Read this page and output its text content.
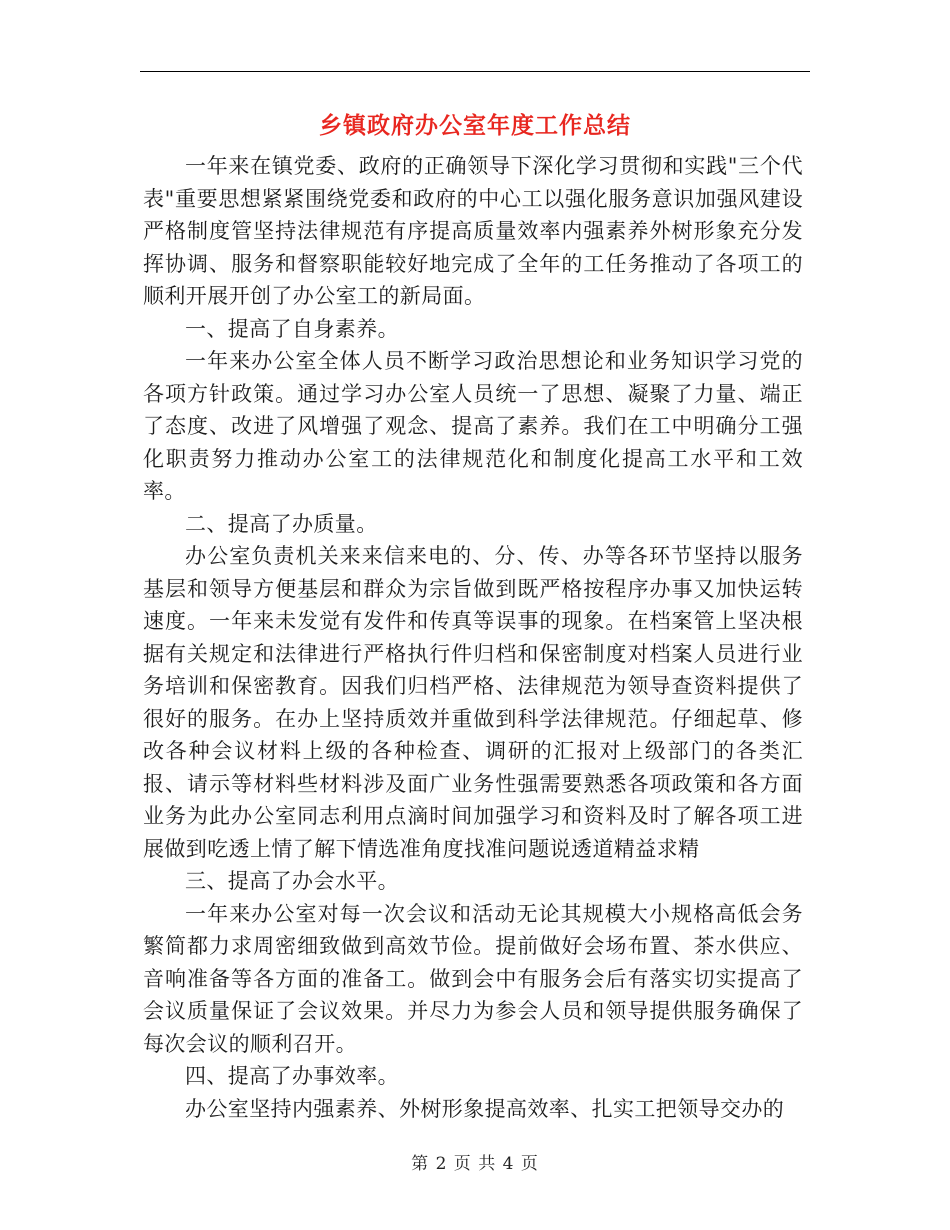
乡镇政府办公室年度工作总结

一年来在镇党委、政府的正确领导下深化学习贯彻和实践"三个代表"重要思想紧紧围绕党委和政府的中心工以强化服务意识加强风建设严格制度管坚持法律规范有序提高质量效率内强素养外树形象充分发挥协调、服务和督察职能较好地完成了全年的工任务推动了各项工的顺利开展开创了办公室工的新局面。

一、提高了自身素养。

一年来办公室全体人员不断学习政治思想论和业务知识学习党的各项方针政策。通过学习办公室人员统一了思想、凝聚了力量、端正了态度、改进了风增强了观念、提高了素养。我们在工中明确分工强化职责努力推动办公室工的法律规范化和制度化提高工水平和工效率。

二、提高了办质量。

办公室负责机关来来信来电的、分、传、办等各环节坚持以服务基层和领导方便基层和群众为宗旨做到既严格按程序办事又加快运转速度。一年来未发觉有发件和传真等误事的现象。在档案管上坚决根据有关规定和法律进行严格执行件归档和保密制度对档案人员进行业务培训和保密教育。因我们归档严格、法律规范为领导查资料提供了很好的服务。在办上坚持质效并重做到科学法律规范。仔细起草、修改各种会议材料上级的各种检查、调研的汇报对上级部门的各类汇报、请示等材料些材料涉及面广业务性强需要熟悉各项政策和各方面业务为此办公室同志利用点滴时间加强学习和资料及时了解各项工进展做到吃透上情了解下情选准角度找准问题说透道精益求精

三、提高了办会水平。

一年来办公室对每一次会议和活动无论其规模大小规格高低会务繁简都力求周密细致做到高效节俭。提前做好会场布置、茶水供应、音响准备等各方面的准备工。做到会中有服务会后有落实切实提高了会议质量保证了会议效果。并尽力为参会人员和领导提供服务确保了每次会议的顺利召开。

四、提高了办事效率。

办公室坚持内强素养、外树形象提高效率、扎实工把领导交办的

第 2 页 共 4 页
